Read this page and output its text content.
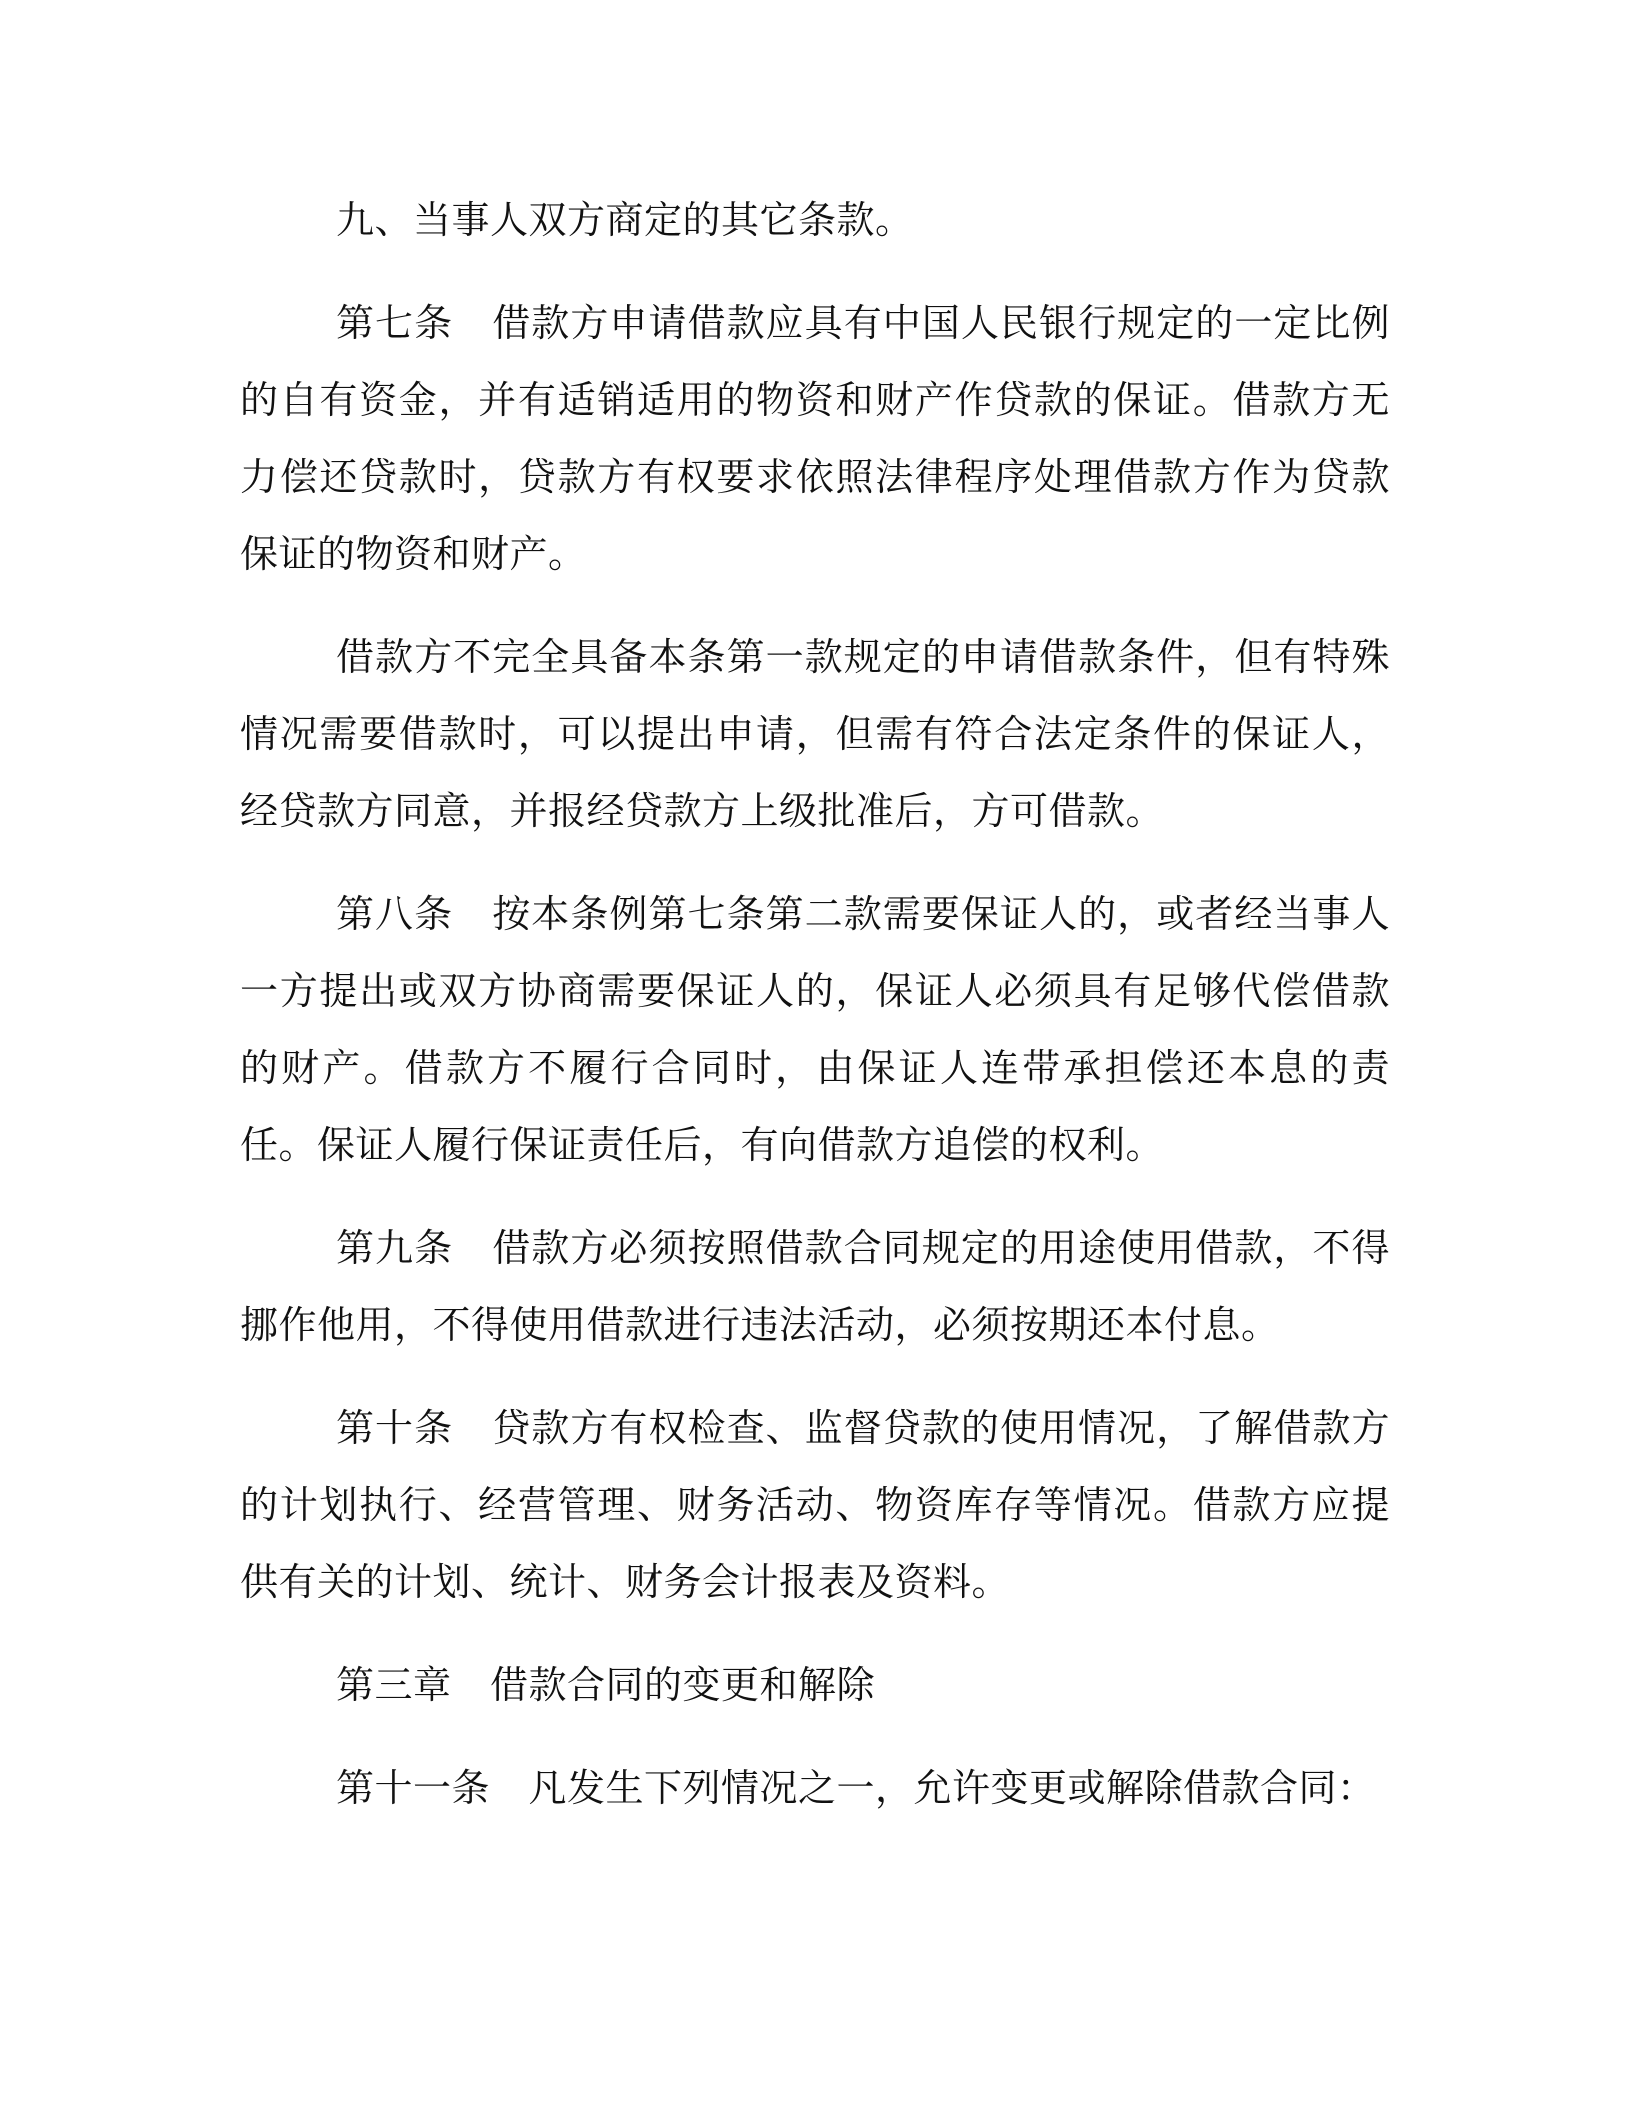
九、当事人双方商定的其它条款。

第七条　借款方申请借款应具有中国人民银行规定的一定比例的自有资金，并有适销适用的物资和财产作贷款的保证。借款方无力偿还贷款时，贷款方有权要求依照法律程序处理借款方作为贷款保证的物资和财产。

借款方不完全具备本条第一款规定的申请借款条件，但有特殊情况需要借款时，可以提出申请，但需有符合法定条件的保证人，经贷款方同意，并报经贷款方上级批准后，方可借款。

第八条　按本条例第七条第二款需要保证人的，或者经当事人一方提出或双方协商需要保证人的，保证人必须具有足够代偿借款的财产。借款方不履行合同时，由保证人连带承担偿还本息的责任。保证人履行保证责任后，有向借款方追偿的权利。

第九条　借款方必须按照借款合同规定的用途使用借款，不得挪作他用，不得使用借款进行违法活动，必须按期还本付息。

第十条　贷款方有权检查、监督贷款的使用情况，了解借款方的计划执行、经营管理、财务活动、物资库存等情况。借款方应提供有关的计划、统计、财务会计报表及资料。

第三章　借款合同的变更和解除

第十一条　凡发生下列情况之一，允许变更或解除借款合同：
